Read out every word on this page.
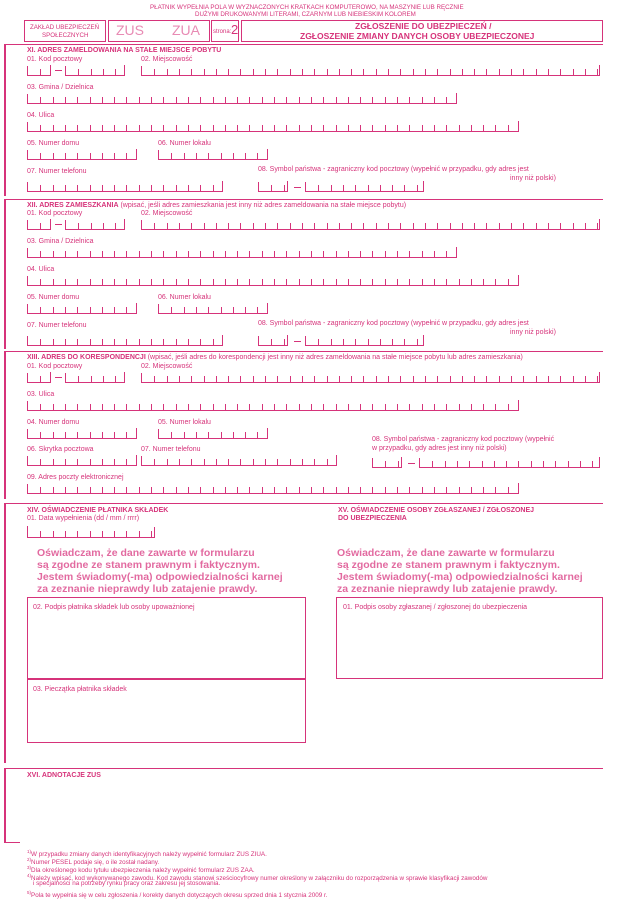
PŁATNIK WYPEŁNIA POLA W WYZNACZONYCH KRATKACH KOMPUTEROWO, NA MASZYNIE LUB RĘCZNIE
DUŻYMI DRUKOWANYMI LITERAMI, CZARNYM LUB NIEBIESKIM KOLOREM
ZAKŁAD UBEZPIECZEŃ
SPOŁECZNYCH ZUS ZUA strona: 2	ZGŁOSZENIE DO UBEZPIECZEŃ /
ZGŁOSZENIE ZMIANY DANYCH OSOBY UBEZPIECZONEJ
XI. ADRES ZAMELDOWANIA NA STAŁE MIEJSCE POBYTU
01. Kod pocztowy	02. Miejscowość
03. Gmina / Dzielnica
04. Ulica
05. Numer domu	06. Numer lokalu
07. Numer telefonu	08. Symbol państwa - zagraniczny kod pocztowy (wypełnić w przypadku, gdy adres jest
inny niż polski)
XII. ADRES ZAMIESZKANIA (wpisać, jeśli adres zamieszkania jest inny niż adres zameldowania na stałe miejsce pobytu)
01. Kod pocztowy	02. Miejscowość
03. Gmina / Dzielnica
04. Ulica
05. Numer domu	06. Numer lokalu
07. Numer telefonu	08. Symbol państwa - zagraniczny kod pocztowy (wypełnić w przypadku, gdy adres jest
inny niż polski)
XIII. ADRES DO KORESPONDENCJI (wpisać, jeśli adres do korespondencji jest inny niż adres zameldowania na stałe miejsce pobytu lub adres zamieszkania)
01. Kod pocztowy	02. Miejscowość
03. Ulica
04. Numer domu	05. Numer lokalu
08. Symbol państwa - zagraniczny kod pocztowy (wypełnić
w przypadku, gdy adres jest inny niż polski)
06. Skrytka pocztowa	07. Numer telefonu
09. Adres poczty elektronicznej
XIV. OŚWIADCZENIE PŁATNIKA SKŁADEK
01. Data wypełnienia (dd / mm / rrrr)
Oświadczam, że dane zawarte w formularzu
są zgodne ze stanem prawnym i faktycznym.
Jestem świadomy(-ma) odpowiedzialności karnej
za zeznanie nieprawdy lub zatajenie prawdy.
02. Podpis płatnika składek lub osoby upoważnionej
03. Pieczątka płatnika składek
XV. OŚWIADCZENIE OSOBY ZGŁASZANEJ / ZGŁOSZONEJ
DO UBEZPIECZENIA
Oświadczam, że dane zawarte w formularzu
są zgodne ze stanem prawnym i faktycznym.
Jestem świadomy(-ma) odpowiedzialności karnej
za zeznanie nieprawdy lub zatajenie prawdy.
01. Podpis osoby zgłaszanej / zgłoszonej do ubezpieczenia
XVI. ADNOTACJE ZUS
$^{1)}$W przypadku zmiany danych identyfikacyjnych należy wypełnić formularz ZUS ZIUA.
$^{2)}$Numer PESEL podaje się, o ile został nadany.
$^{3)}$Dla określonego kodu tytułu ubezpieczenia należy wypełnić formularz ZUS ZAA.
$^{4)}$Należy wpisać, kod wykonywanego zawodu. Kod zawodu stanowi sześciocyfrowy numer określony w załączniku do rozporządzenia w sprawie klasyfikacji zawodów
i specjalności na potrzeby rynku pracy oraz zakresu jej stosowania.
$^{5)}$Pola te wypełnia się w celu zgłoszenia / korekty danych dotyczących okresu sprzed dnia 1 stycznia 2009 r.
